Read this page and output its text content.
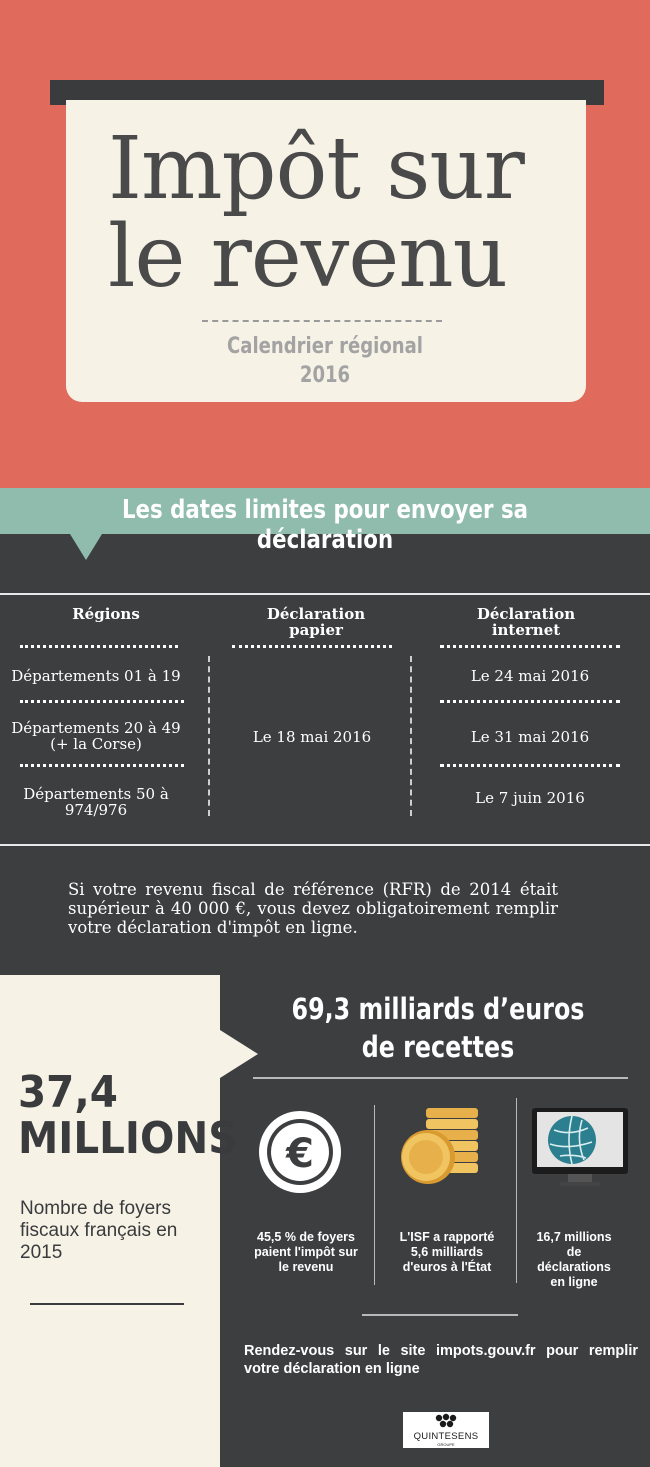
Impôt sur
le revenu
Calendrier régional
2016
Les dates limites pour envoyer sa déclaration
Régions	Déclaration papier
Déclaration internet
Départements 01 à 19
Départements 20 à 49 (+ la Corse)
Départements 50 à 974/976
Le 18 mai 2016
Le 24 mai 2016
Le 31 mai 2016
Le 7 juin 2016
Si votre revenu fiscal de référence (RFR) de 2014 était supérieur à 40 000 €, vous devez obligatoirement remplir votre déclaration d'impôt en ligne.
37,4
MILLIONS
Nombre de foyers fiscaux français en 2015
69,3 milliards d’euros de recettes
€
45,5 % de foyers paient l'impôt sur le revenu
L'ISF a rapporté 5,6 milliards d'euros à l'État
16,7 millions de déclarations en ligne
Rendez-vous sur le site impots.gouv.fr pour remplir votre déclaration en ligne
QUINTESENS
GROUPE
